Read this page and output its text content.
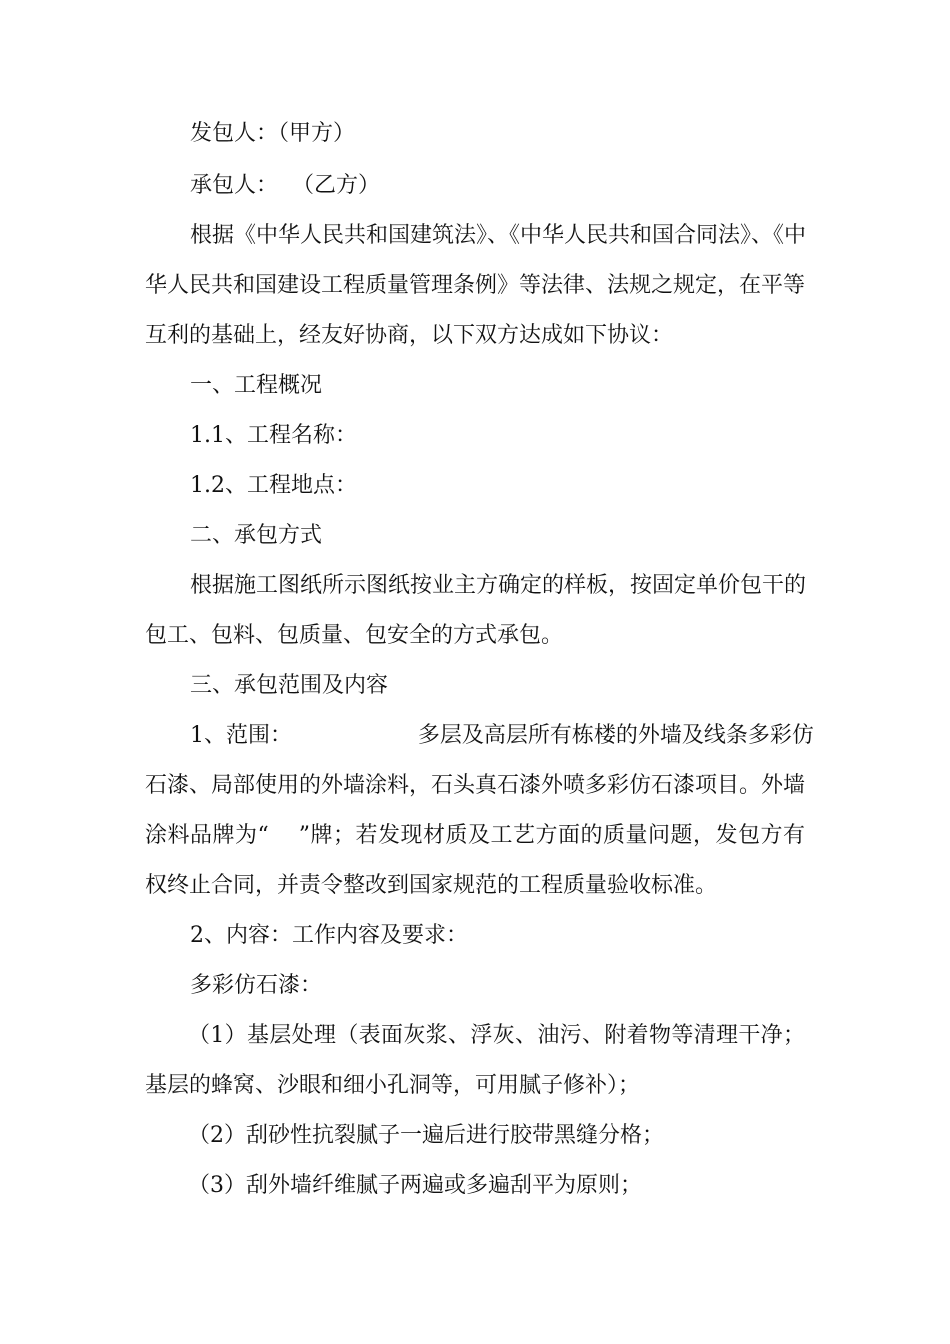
发包人：（甲方）
承包人：  （乙方）
根据《中华人民共和国建筑法》、《中华人民共和国合同法》、《中
华人民共和国建设工程质量管理条例》等法律、法规之规定，在平等
互利的基础上，经友好协商，以下双方达成如下协议：
一、工程概况
1.1、工程名称：
1.2、工程地点：
二、承包方式
根据施工图纸所示图纸按业主方确定的样板，按固定单价包干的
包工、包料、包质量、包安全的方式承包。
三、承包范围及内容
1、范围：                  多层及高层所有栋楼的外墙及线条多彩仿
石漆、局部使用的外墙涂料，石头真石漆外喷多彩仿石漆项目。外墙
涂料品牌为“    ”牌；若发现材质及工艺方面的质量问题，发包方有
权终止合同，并责令整改到国家规范的工程质量验收标准。
2、内容：工作内容及要求：
多彩仿石漆：
（1）基层处理（表面灰浆、浮灰、油污、附着物等清理干净；
基层的蜂窝、沙眼和细小孔洞等，可用腻子修补）；
（2）刮砂性抗裂腻子一遍后进行胶带黑缝分格；
（3）刮外墙纤维腻子两遍或多遍刮平为原则；
